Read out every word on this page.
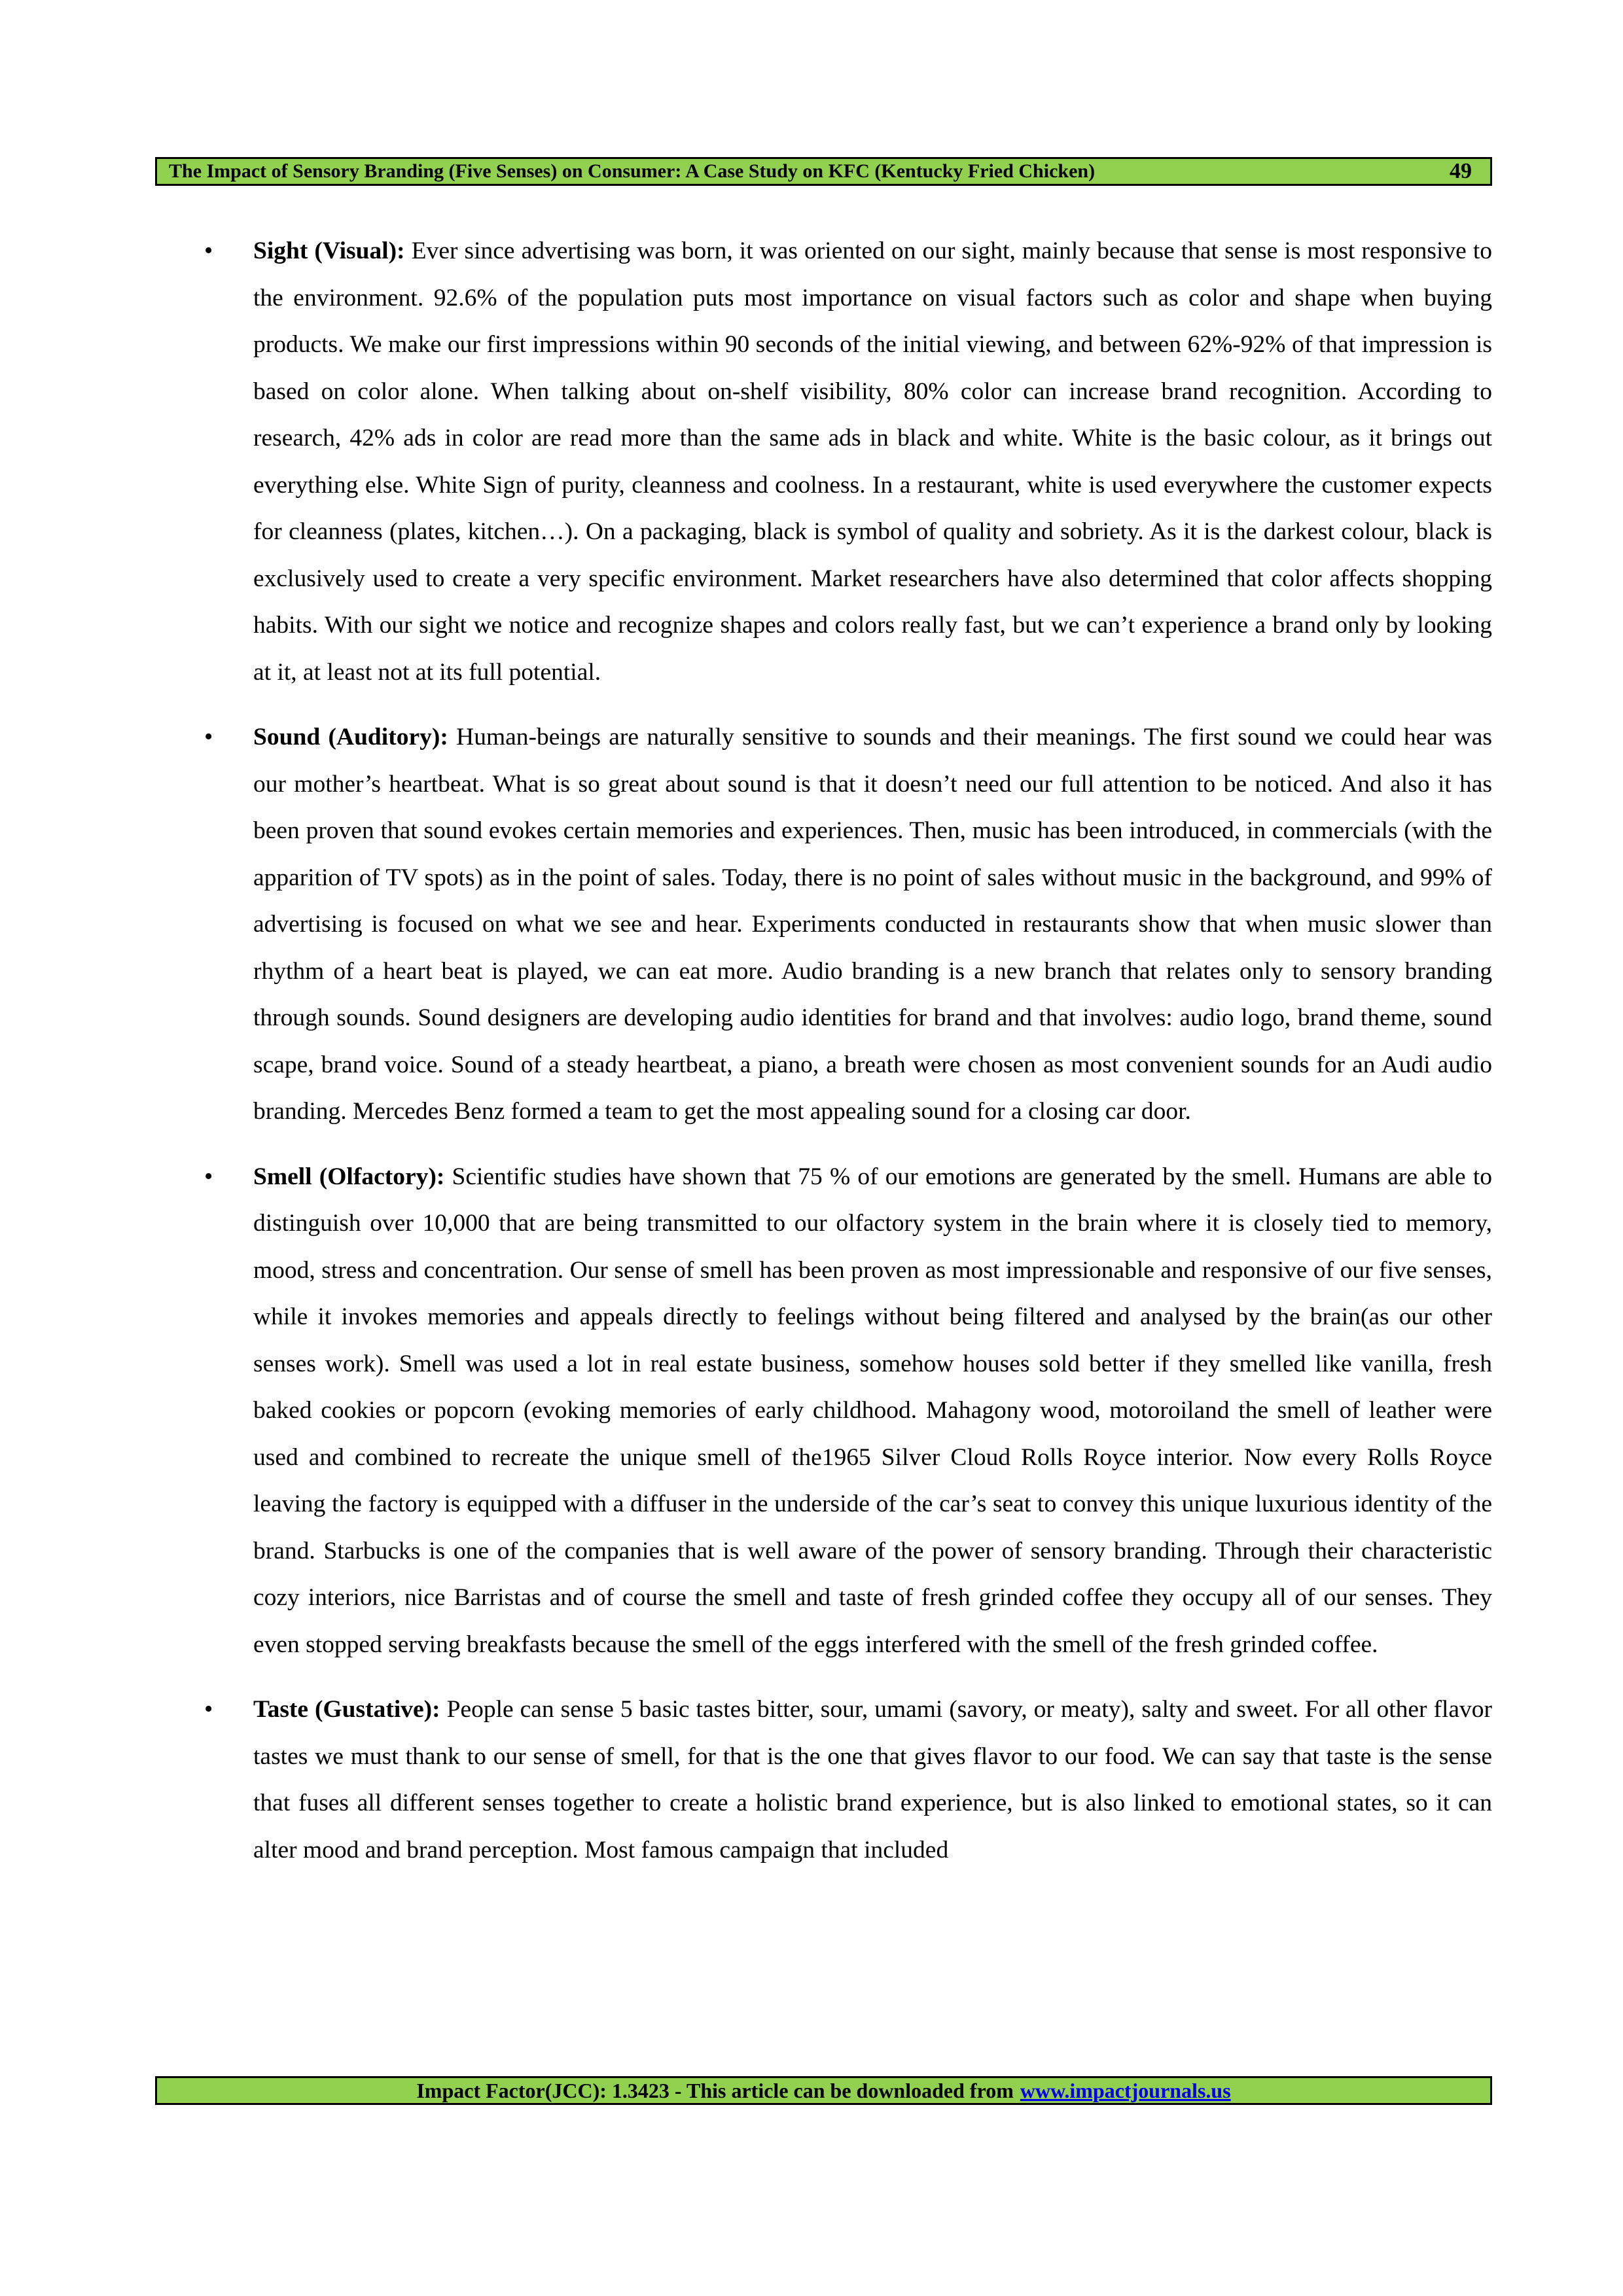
The Impact of Sensory Branding (Five Senses) on Consumer: A Case Study on KFC (Kentucky Fried Chicken)	49
• Sight (Visual): Ever since advertising was born, it was oriented on our sight, mainly because that sense is most responsive to the environment. 92.6% of the population puts most importance on visual factors such as color and shape when buying products. We make our first impressions within 90 seconds of the initial viewing, and between 62%-92% of that impression is based on color alone. When talking about on-shelf visibility, 80% color can increase brand recognition. According to research, 42% ads in color are read more than the same ads in black and white. White is the basic colour, as it brings out everything else. White Sign of purity, cleanness and coolness. In a restaurant, white is used everywhere the customer expects for cleanness (plates, kitchen…). On a packaging, black is symbol of quality and sobriety. As it is the darkest colour, black is exclusively used to create a very specific environment. Market researchers have also determined that color affects shopping habits. With our sight we notice and recognize shapes and colors really fast, but we can’t experience a brand only by looking at it, at least not at its full potential.
• Sound (Auditory): Human-beings are naturally sensitive to sounds and their meanings. The first sound we could hear was our mother’s heartbeat. What is so great about sound is that it doesn’t need our full attention to be noticed. And also it has been proven that sound evokes certain memories and experiences. Then, music has been introduced, in commercials (with the apparition of TV spots) as in the point of sales. Today, there is no point of sales without music in the background, and 99% of advertising is focused on what we see and hear. Experiments conducted in restaurants show that when music slower than rhythm of a heart beat is played, we can eat more. Audio branding is a new branch that relates only to sensory branding through sounds. Sound designers are developing audio identities for brand and that involves: audio logo, brand theme, sound scape, brand voice. Sound of a steady heartbeat, a piano, a breath were chosen as most convenient sounds for an Audi audio branding. Mercedes Benz formed a team to get the most appealing sound for a closing car door.
• Smell (Olfactory): Scientific studies have shown that 75 % of our emotions are generated by the smell. Humans are able to distinguish over 10,000 that are being transmitted to our olfactory system in the brain where it is closely tied to memory, mood, stress and concentration. Our sense of smell has been proven as most impressionable and responsive of our five senses, while it invokes memories and appeals directly to feelings without being filtered and analysed by the brain(as our other senses work). Smell was used a lot in real estate business, somehow houses sold better if they smelled like vanilla, fresh baked cookies or popcorn (evoking memories of early childhood. Mahagony wood, motoroiland the smell of leather were used and combined to recreate the unique smell of the1965 Silver Cloud Rolls Royce interior. Now every Rolls Royce leaving the factory is equipped with a diffuser in the underside of the car’s seat to convey this unique luxurious identity of the brand. Starbucks is one of the companies that is well aware of the power of sensory branding. Through their characteristic cozy interiors, nice Barristas and of course the smell and taste of fresh grinded coffee they occupy all of our senses. They even stopped serving breakfasts because the smell of the eggs interfered with the smell of the fresh grinded coffee.
• Taste (Gustative): People can sense 5 basic tastes bitter, sour, umami (savory, or meaty), salty and sweet. For all other flavor tastes we must thank to our sense of smell, for that is the one that gives flavor to our food. We can say that taste is the sense that fuses all different senses together to create a holistic brand experience, but is also linked to emotional states, so it can alter mood and brand perception. Most famous campaign that included
Impact Factor(JCC): 1.3423 - This article can be downloaded from www.impactjournals.us
